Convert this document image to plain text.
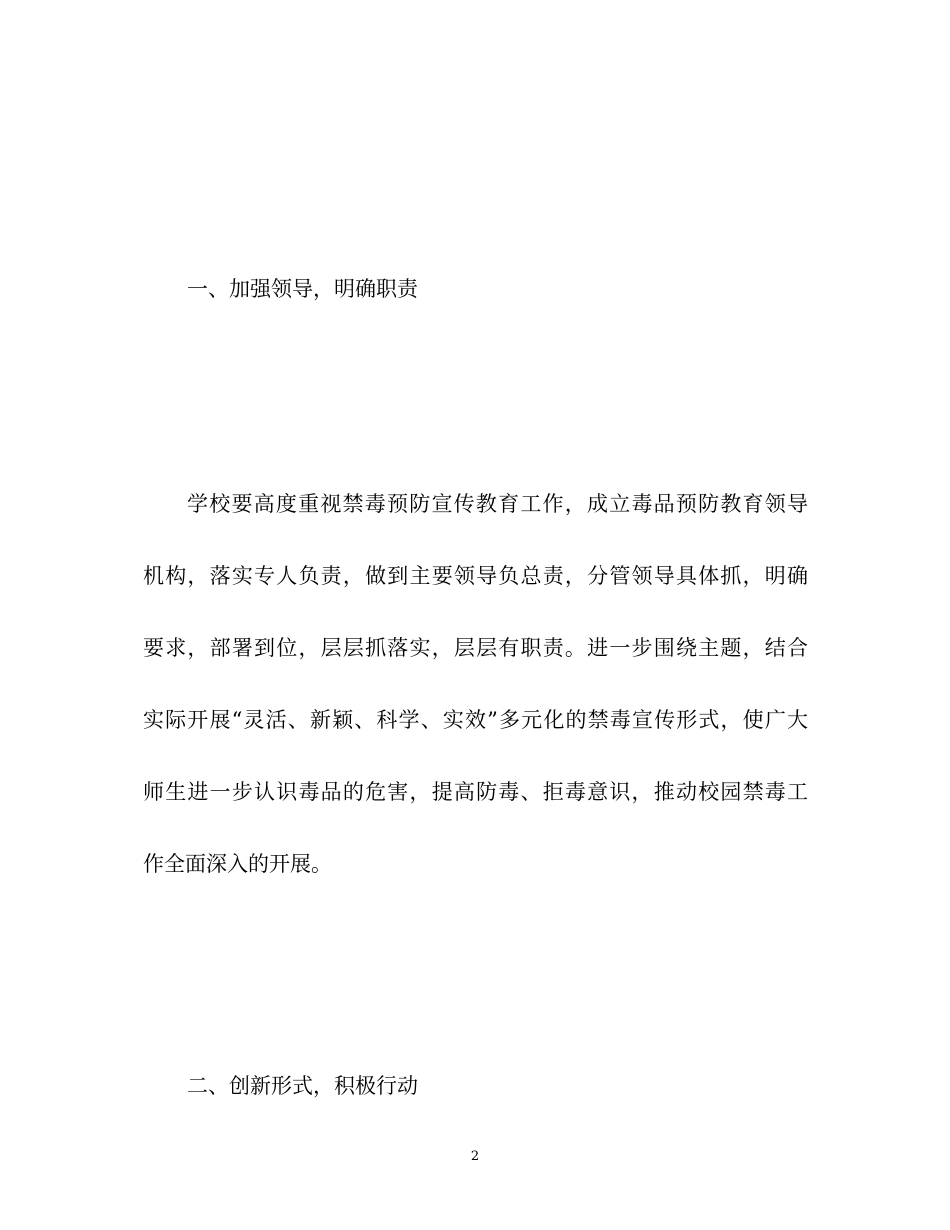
一、加强领导，明确职责
学校要高度重视禁毒预防宣传教育工作，成立毒品预防教育领导
机构，落实专人负责，做到主要领导负总责，分管领导具体抓，明确
要求，部署到位，层层抓落实，层层有职责。进一步围绕主题，结合
实际开展“灵活、新颖、科学、实效”多元化的禁毒宣传形式，使广大
师生进一步认识毒品的危害，提高防毒、拒毒意识，推动校园禁毒工
作全面深入的开展。
二、创新形式，积极行动
2
